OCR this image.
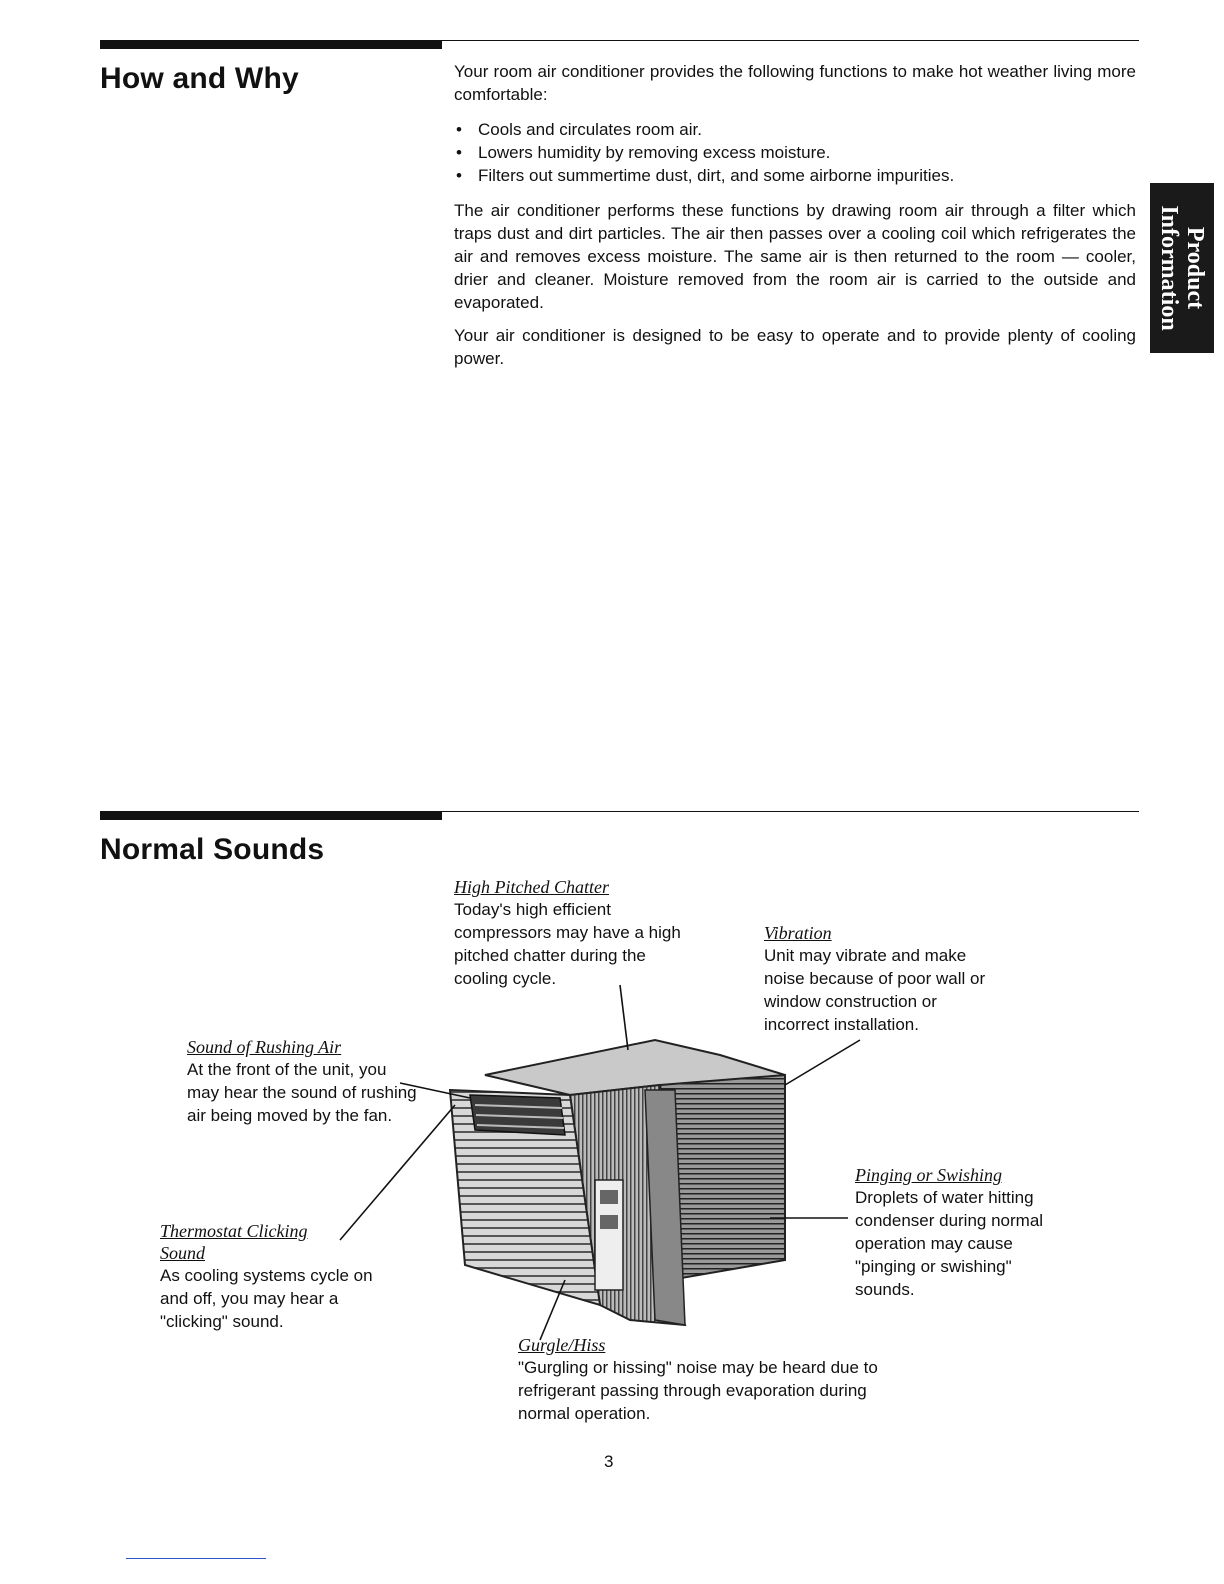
How and Why	Your room air conditioner provides the following functions to make hot weather living more comfortable:
• Cools and circulates room air.
• Lowers humidity by removing excess moisture.
• Filters out summertime dust, dirt, and some airborne impurities.
The air conditioner performs these functions by drawing room air through a filter which traps dust and dirt particles. The air then passes over a cooling coil which refrigerates the air and removes excess moisture. The same air is then returned to the room — cooler, drier and cleaner. Moisture removed from the room air is carried to the outside and evaporated.
Your air conditioner is designed to be easy to operate and to provide plenty of cooling power.
Product
Information
Normal Sounds
High Pitched Chatter
Today's high efficient compressors may have a high pitched chatter during the cooling cycle.
Vibration
Unit may vibrate and make noise because of poor wall or window construction or incorrect installation.
Sound of Rushing Air
At the front of the unit, you may hear the sound of rushing air being moved by the fan.
Thermostat Clicking Sound
As cooling systems cycle on and off, you may hear a "clicking" sound.
Pinging or Swishing
Droplets of water hitting condenser during normal operation may cause "pinging or swishing" sounds.
Gurgle/Hiss
"Gurgling or hissing" noise may be heard due to refrigerant passing through evaporation during normal operation.
3
